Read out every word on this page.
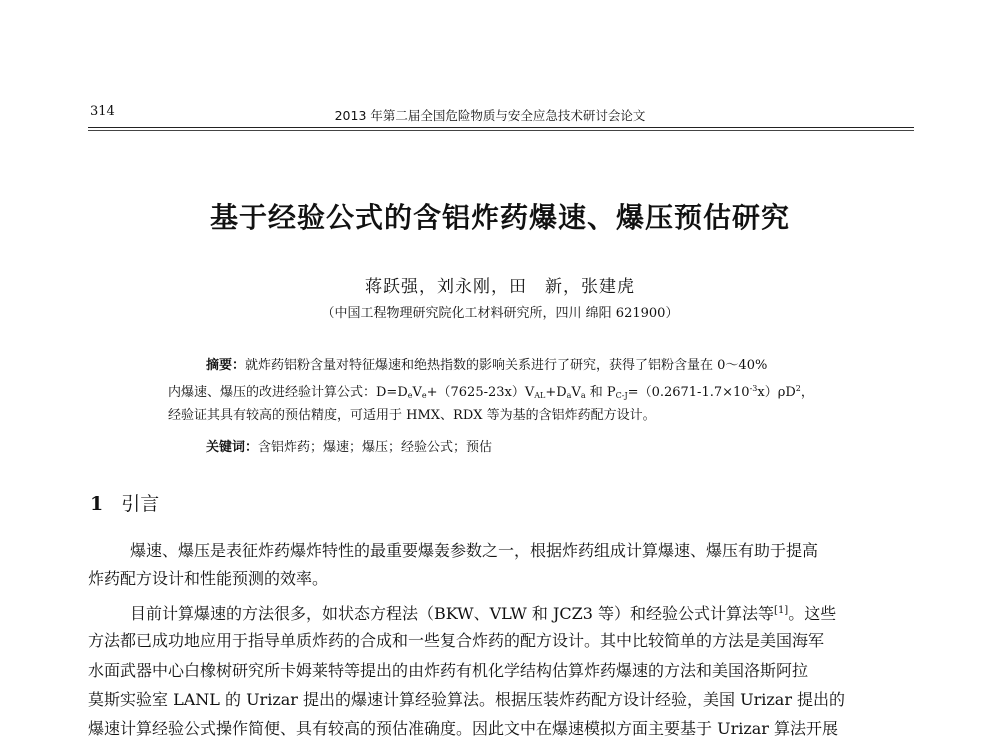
314	2013 年第二届全国危险物质与安全应急技术研讨会论文
基于经验公式的含铝炸药爆速、爆压预估研究
蒋跃强，刘永刚，田　新，张建虎
（中国工程物理研究院化工材料研究所，四川 绵阳 621900）
摘要：就炸药铝粉含量对特征爆速和绝热指数的影响关系进行了研究，获得了铝粉含量在 0～40%
内爆速、爆压的改进经验计算公式：$D=D_eV_e+(7625-23x)V_{AL}+D_aV_a$ 和 $P_{C-J}=(0.2671-1.7\times 10^{-3}x)\rho D^2$，
经验证其具有较高的预估精度，可适用于 HMX、RDX 等为基的含铝炸药配方设计。
关键词：含铝炸药；爆速；爆压；经验公式；预估
1 引言
爆速、爆压是表征炸药爆炸特性的最重要爆轰参数之一，根据炸药组成计算爆速、爆压有助于提高
炸药配方设计和性能预测的效率。
目前计算爆速的方法很多，如状态方程法（BKW、VLW 和 JCZ3 等）和经验公式计算法等[1]。这些
方法都已成功地应用于指导单质炸药的合成和一些复合炸药的配方设计。其中比较简单的方法是美国海军
水面武器中心白橡树研究所卡姆莱特等提出的由炸药有机化学结构估算炸药爆速的方法和美国洛斯阿拉
莫斯实验室 LANL 的 Urizar 提出的爆速计算经验算法。根据压装炸药配方设计经验，美国 Urizar 提出的
爆速计算经验公式操作简便、具有较高的预估准确度。因此文中在爆速模拟方面主要基于 Urizar 算法开展
